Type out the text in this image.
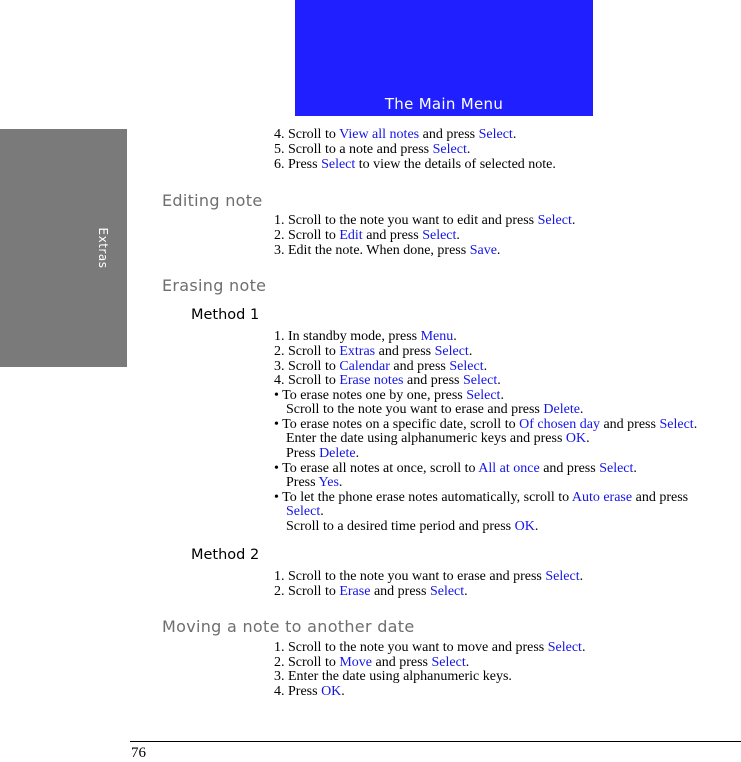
Extras
The Main Menu
4. Scroll to View all notes and press Select.
5. Scroll to a note and press Select.
6. Press Select to view the details of selected note.
Editing note
1. Scroll to the note you want to edit and press Select.
2. Scroll to Edit and press Select.
3. Edit the note. When done, press Save.
Erasing note
Method 1
1. In standby mode, press Menu.
2. Scroll to Extras and press Select.
3. Scroll to Calendar and press Select.
4. Scroll to Erase notes and press Select.
• To erase notes one by one, press Select.
Scroll to the note you want to erase and press Delete.
• To erase notes on a specific date, scroll to Of chosen day and press Select.
Enter the date using alphanumeric keys and press OK.
Press Delete.
• To erase all notes at once, scroll to All at once and press Select.
Press Yes.
• To let the phone erase notes automatically, scroll to Auto erase and press
Select.
Scroll to a desired time period and press OK.
Method 2
1. Scroll to the note you want to erase and press Select.
2. Scroll to Erase and press Select.
Moving a note to another date
1. Scroll to the note you want to move and press Select.
2. Scroll to Move and press Select.
3. Enter the date using alphanumeric keys.
4. Press OK.
76
